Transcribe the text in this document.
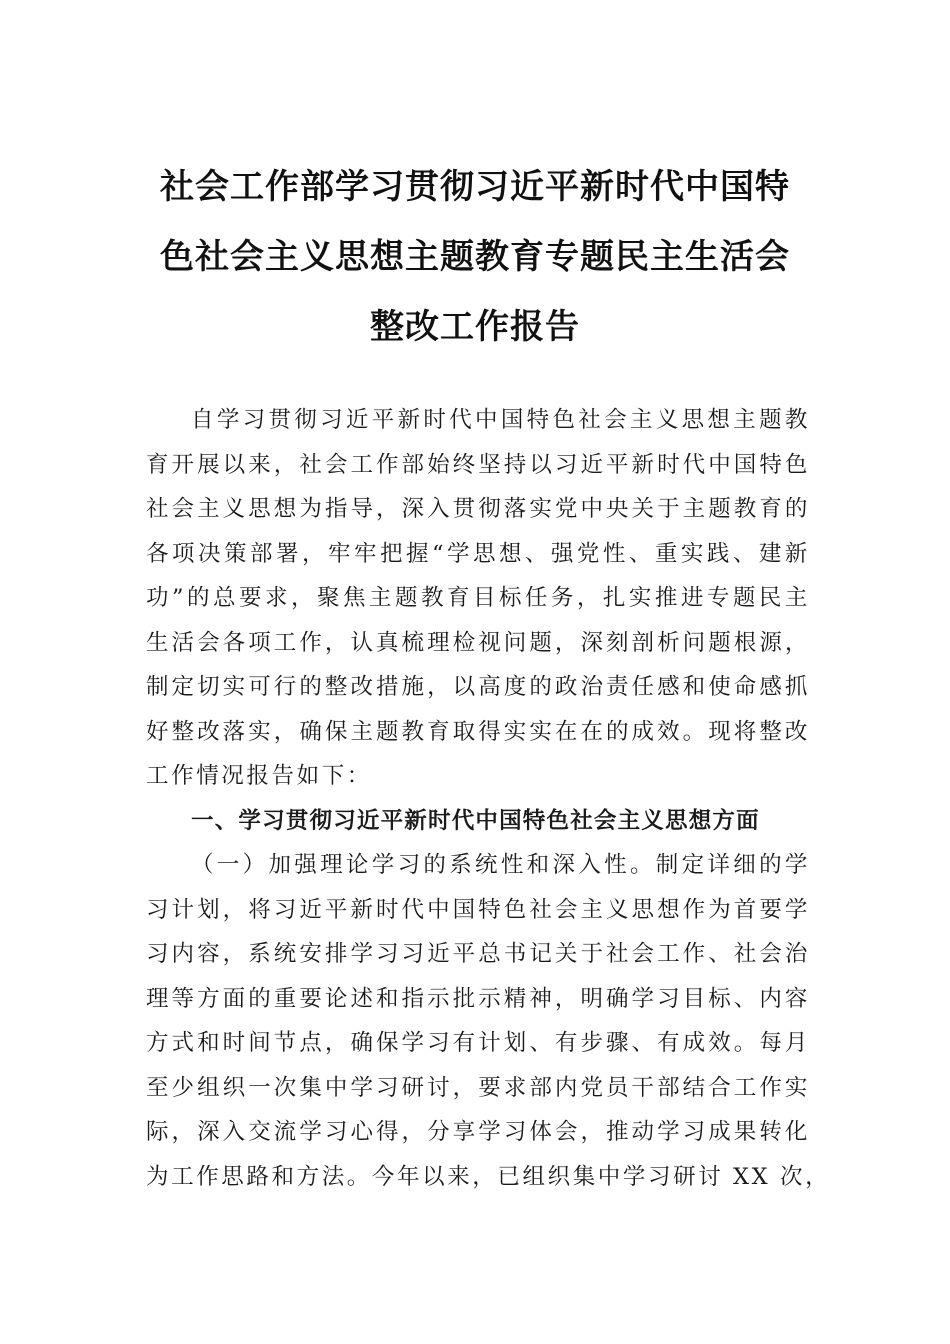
社会工作部学习贯彻习近平新时代中国特
色社会主义思想主题教育专题民主生活会
整改工作报告
自学习贯彻习近平新时代中国特色社会主义思想主题教
育开展以来，社会工作部始终坚持以习近平新时代中国特色
社会主义思想为指导，深入贯彻落实党中央关于主题教育的
各项决策部署，牢牢把握“学思想、强党性、重实践、建新
功”的总要求，聚焦主题教育目标任务，扎实推进专题民主
生活会各项工作，认真梳理检视问题，深刻剖析问题根源，
制定切实可行的整改措施，以高度的政治责任感和使命感抓
好整改落实，确保主题教育取得实实在在的成效。现将整改
工作情况报告如下：
一、学习贯彻习近平新时代中国特色社会主义思想方面
（一）加强理论学习的系统性和深入性。制定详细的学
习计划，将习近平新时代中国特色社会主义思想作为首要学
习内容，系统安排学习习近平总书记关于社会工作、社会治
理等方面的重要论述和指示批示精神，明确学习目标、内容
方式和时间节点，确保学习有计划、有步骤、有成效。每月
至少组织一次集中学习研讨，要求部内党员干部结合工作实
际，深入交流学习心得，分享学习体会，推动学习成果转化
为工作思路和方法。今年以来，已组织集中学习研讨 XX 次，
